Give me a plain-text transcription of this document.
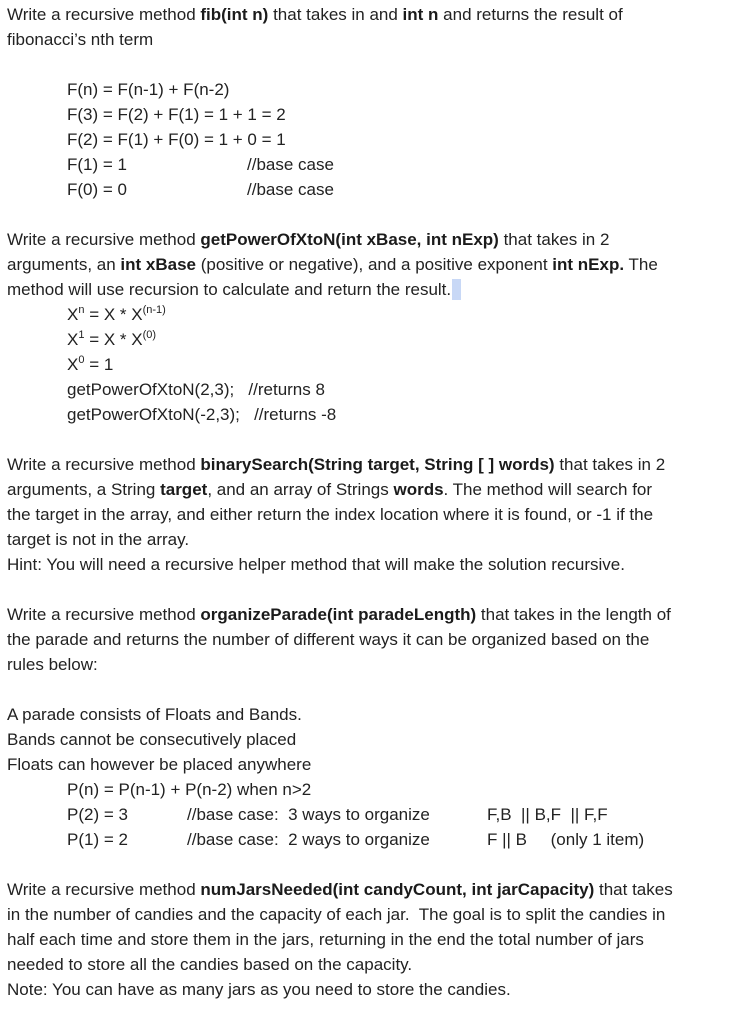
Write a recursive method fib(int n) that takes in and int n and returns the result of
fibonacci’s nth term
F(n) = F(n-1) + F(n-2)
F(3) = F(2) + F(1) = 1 + 1 = 2
F(2) = F(1) + F(0) = 1 + 0 = 1
F(1) = 1	//base case
F(0) = 0	//base case
Write a recursive method getPowerOfXtoN(int xBase, int nExp) that takes in 2
arguments, an int xBase (positive or negative), and a positive exponent int nExp. The
method will use recursion to calculate and return the result.
$X^n = X * X^{(n-1)}$
$X^1 = X * X^{(0)}$
$X^0 = 1$
getPowerOfXtoN(2,3);   //returns 8
getPowerOfXtoN(-2,3);   //returns -8
Write a recursive method binarySearch(String target, String [ ] words) that takes in 2
arguments, a String target, and an array of Strings words. The method will search for
the target in the array, and either return the index location where it is found, or -1 if the
target is not in the array.
Hint: You will need a recursive helper method that will make the solution recursive.
Write a recursive method organizeParade(int paradeLength) that takes in the length of
the parade and returns the number of different ways it can be organized based on the
rules below:
A parade consists of Floats and Bands.
Bands cannot be consecutively placed
Floats can however be placed anywhere
P(n) = P(n-1) + P(n-2) when n>2
P(2) = 3	//base case:  3 ways to organize	F,B  || B,F  || F,F
P(1) = 2	//base case:  2 ways to organize	F || B     (only 1 item)
Write a recursive method numJarsNeeded(int candyCount, int jarCapacity) that takes
in the number of candies and the capacity of each jar.  The goal is to split the candies in
half each time and store them in the jars, returning in the end the total number of jars
needed to store all the candies based on the capacity.
Note: You can have as many jars as you need to store the candies.
